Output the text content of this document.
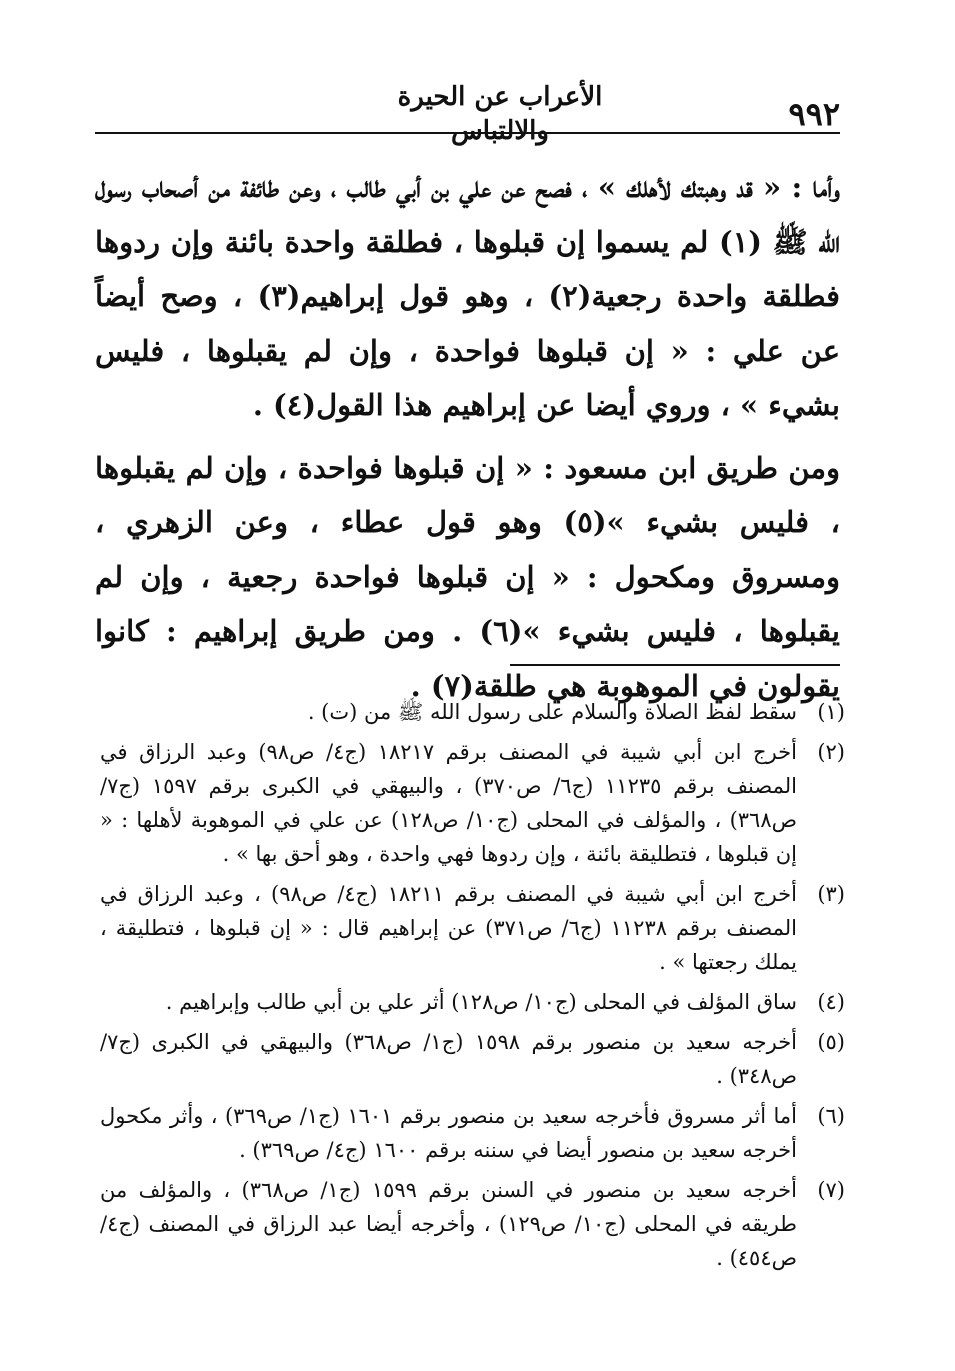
٩٩٢
الأعراب عن الحيرة والالتباس

وأما : « قد وهبتك لأهلك » ، فصح عن علي بن أبي طالب ، وعن طائفة من أصحاب رسول الله ﷺ (١) لم يسموا إن قبلوها ، فطلقة واحدة بائنة وإن ردوها فطلقة واحدة رجعية(٢) ، وهو قول إبراهيم(٣) ، وصح أيضاً عن علي : « إن قبلوها فواحدة ، وإن لم يقبلوها ، فليس بشيء » ، وروي أيضا عن إبراهيم هذا القول(٤) .

ومن طريق ابن مسعود : « إن قبلوها فواحدة ، وإن لم يقبلوها ، فليس بشيء »(٥) وهو قول عطاء ، وعن الزهري ، ومسروق ومكحول : « إن قبلوها فواحدة رجعية ، وإن لم يقبلوها ، فليس بشيء »(٦) . ومن طريق إبراهيم : كانوا يقولون في الموهوبة هي طلقة(٧) .

(١)
سقط لفظ الصلاة والسلام على رسول الله ﷺ من (ت) .
(٢)
أخرج ابن أبي شيبة في المصنف برقم ١٨٢١٧ (ج٤/ ص٩٨) وعبد الرزاق في المصنف برقم ١١٢٣٥ (ج٦/ ص٣٧٠) ، والبيهقي في الكبرى برقم ١٥٩٧ (ج٧/ ص٣٦٨) ، والمؤلف في المحلى (ج١٠/ ص١٢٨) عن علي في الموهوبة لأهلها : « إن قبلوها ، فتطليقة بائنة ، وإن ردوها فهي واحدة ، وهو أحق بها » .
(٣)
أخرج ابن أبي شيبة في المصنف برقم ١٨٢١١ (ج٤/ ص٩٨) ، وعبد الرزاق في المصنف برقم ١١٢٣٨ (ج٦/ ص٣٧١) عن إبراهيم قال : « إن قبلوها ، فتطليقة ، يملك رجعتها » .
(٤)
ساق المؤلف في المحلى (ج١٠/ ص١٢٨) أثر علي بن أبي طالب وإبراهيم .
(٥)
أخرجه سعيد بن منصور برقم ١٥٩٨ (ج١/ ص٣٦٨) والبيهقي في الكبرى (ج٧/ ص٣٤٨) .
(٦)
أما أثر مسروق فأخرجه سعيد بن منصور برقم ١٦٠١ (ج١/ ص٣٦٩) ، وأثر مكحول أخرجه سعيد بن منصور أيضا في سننه برقم ١٦٠٠ (ج٤/ ص٣٦٩) .
(٧)
أخرجه سعيد بن منصور في السنن برقم ١٥٩٩ (ج١/ ص٣٦٨) ، والمؤلف من طريقه في المحلى (ج١٠/ ص١٢٩) ، وأخرجه أيضا عبد الرزاق في المصنف (ج٤/ ص٤٥٤) .
